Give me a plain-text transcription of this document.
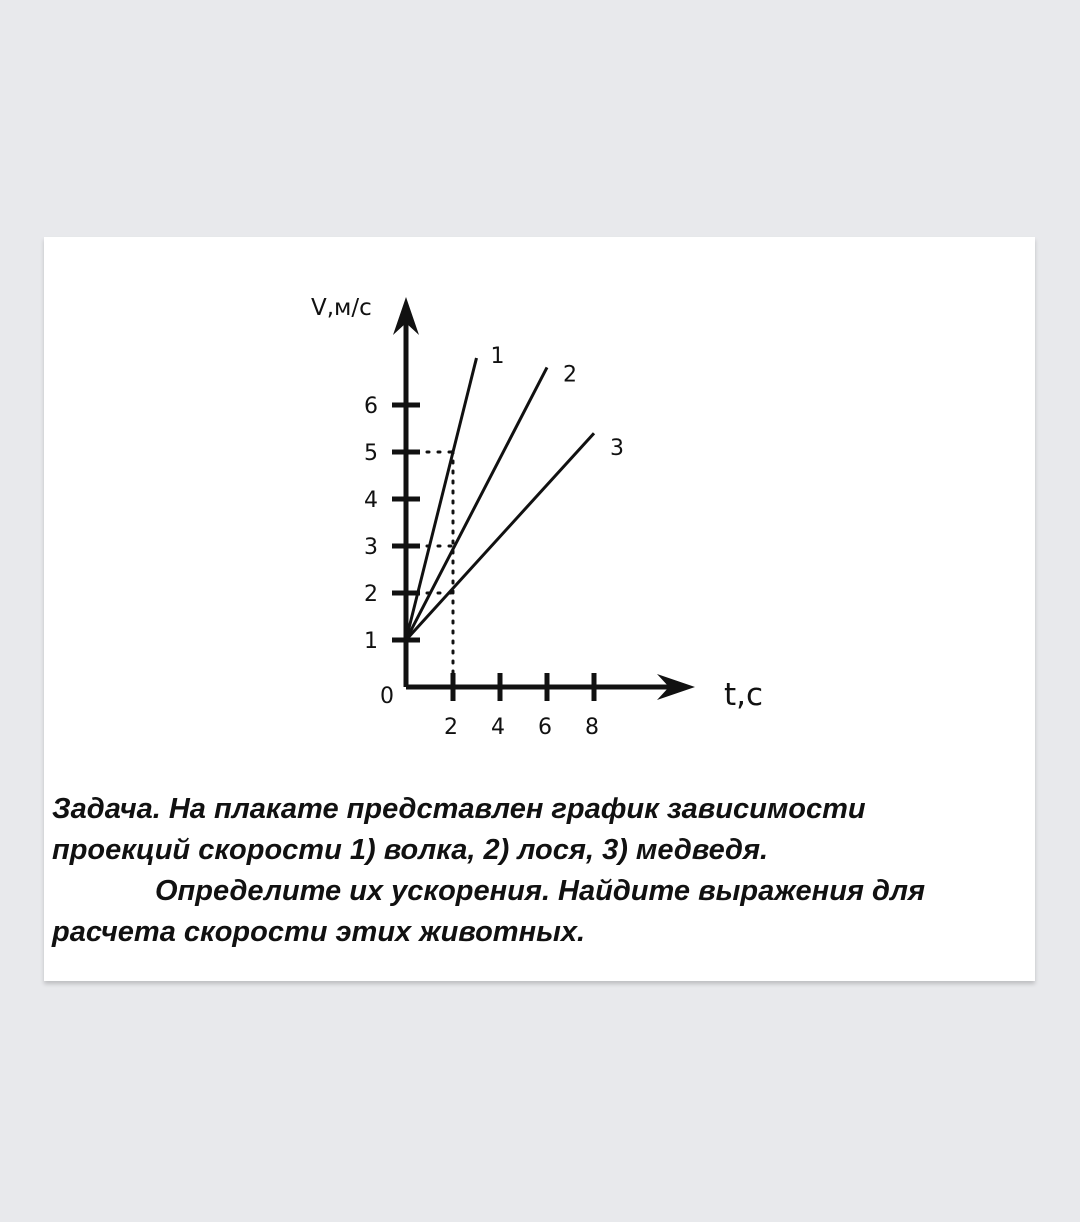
1
2
3
4
5
6
2 4 6 8
0
V,м/c
t,c
1
2
3

Задача. На плакате представлен график зависимости
проекций скорости 1) волка, 2) лося, 3) медведя.
Определите их ускорения. Найдите выражения для
расчета скорости этих животных.
